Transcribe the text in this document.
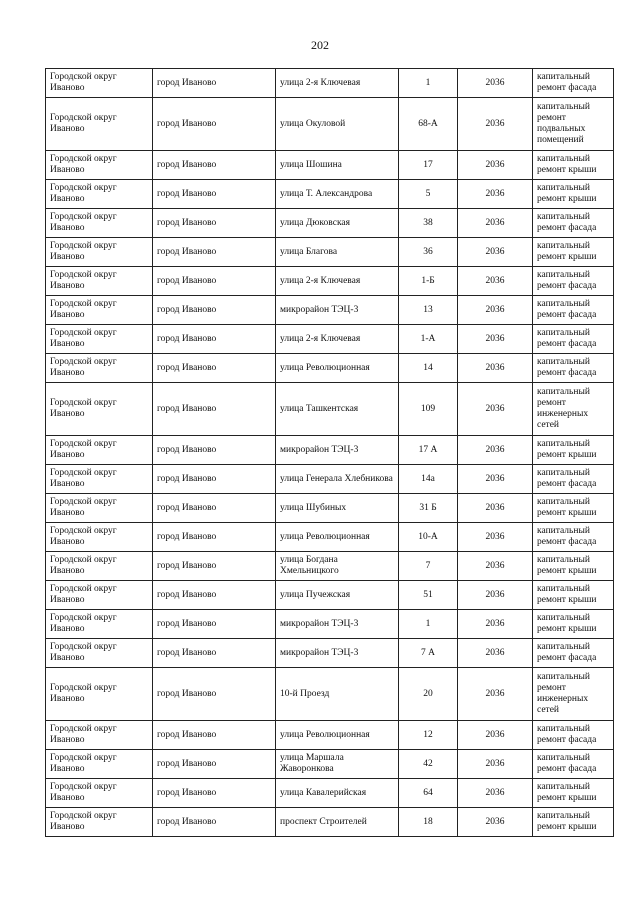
202
Городской округ Иваново	город Иваново	улица 2-я Ключевая	1	2036	капитальный ремонт фасада
Городской округ Иваново	город Иваново	улица Окуловой	68-А	2036	капитальный ремонт подвальных помещений
Городской округ Иваново	город Иваново	улица Шошина	17	2036	капитальный ремонт крыши
Городской округ Иваново	город Иваново	улица Т. Александрова	5	2036	капитальный ремонт крыши
Городской округ Иваново	город Иваново	улица Дюковская	38	2036	капитальный ремонт фасада
Городской округ Иваново	город Иваново	улица Благова	36	2036	капитальный ремонт крыши
Городской округ Иваново	город Иваново	улица 2-я Ключевая	1-Б	2036	капитальный ремонт фасада
Городской округ Иваново	город Иваново	микрорайон ТЭЦ-3	13	2036	капитальный ремонт фасада
Городской округ Иваново	город Иваново	улица 2-я Ключевая	1-А	2036	капитальный ремонт фасада
Городской округ Иваново	город Иваново	улица Революционная	14	2036	капитальный ремонт фасада
Городской округ Иваново	город Иваново	улица Ташкентская	109	2036	капитальный ремонт инженерных сетей
Городской округ Иваново	город Иваново	микрорайон ТЭЦ-3	17 А	2036	капитальный ремонт крыши
Городской округ Иваново	город Иваново	улица Генерала Хлебникова	14а	2036	капитальный ремонт фасада
Городской округ Иваново	город Иваново	улица Шубиных	31 Б	2036	капитальный ремонт крыши
Городской округ Иваново	город Иваново	улица Революционная	10-А	2036	капитальный ремонт фасада
Городской округ Иваново	город Иваново	улица Богдана Хмельницкого	7	2036	капитальный ремонт крыши
Городской округ Иваново	город Иваново	улица Пучежская	51	2036	капитальный ремонт крыши
Городской округ Иваново	город Иваново	микрорайон ТЭЦ-3	1	2036	капитальный ремонт крыши
Городской округ Иваново	город Иваново	микрорайон ТЭЦ-3	7 А	2036	капитальный ремонт фасада
Городской округ Иваново	город Иваново	10-й Проезд	20	2036	капитальный ремонт инженерных сетей
Городской округ Иваново	город Иваново	улица Революционная	12	2036	капитальный ремонт фасада
Городской округ Иваново	город Иваново	улица Маршала Жаворонкова	42	2036	капитальный ремонт фасада
Городской округ Иваново	город Иваново	улица Кавалерийская	64	2036	капитальный ремонт крыши
Городской округ Иваново	город Иваново	проспект Строителей	18	2036	капитальный ремонт крыши
